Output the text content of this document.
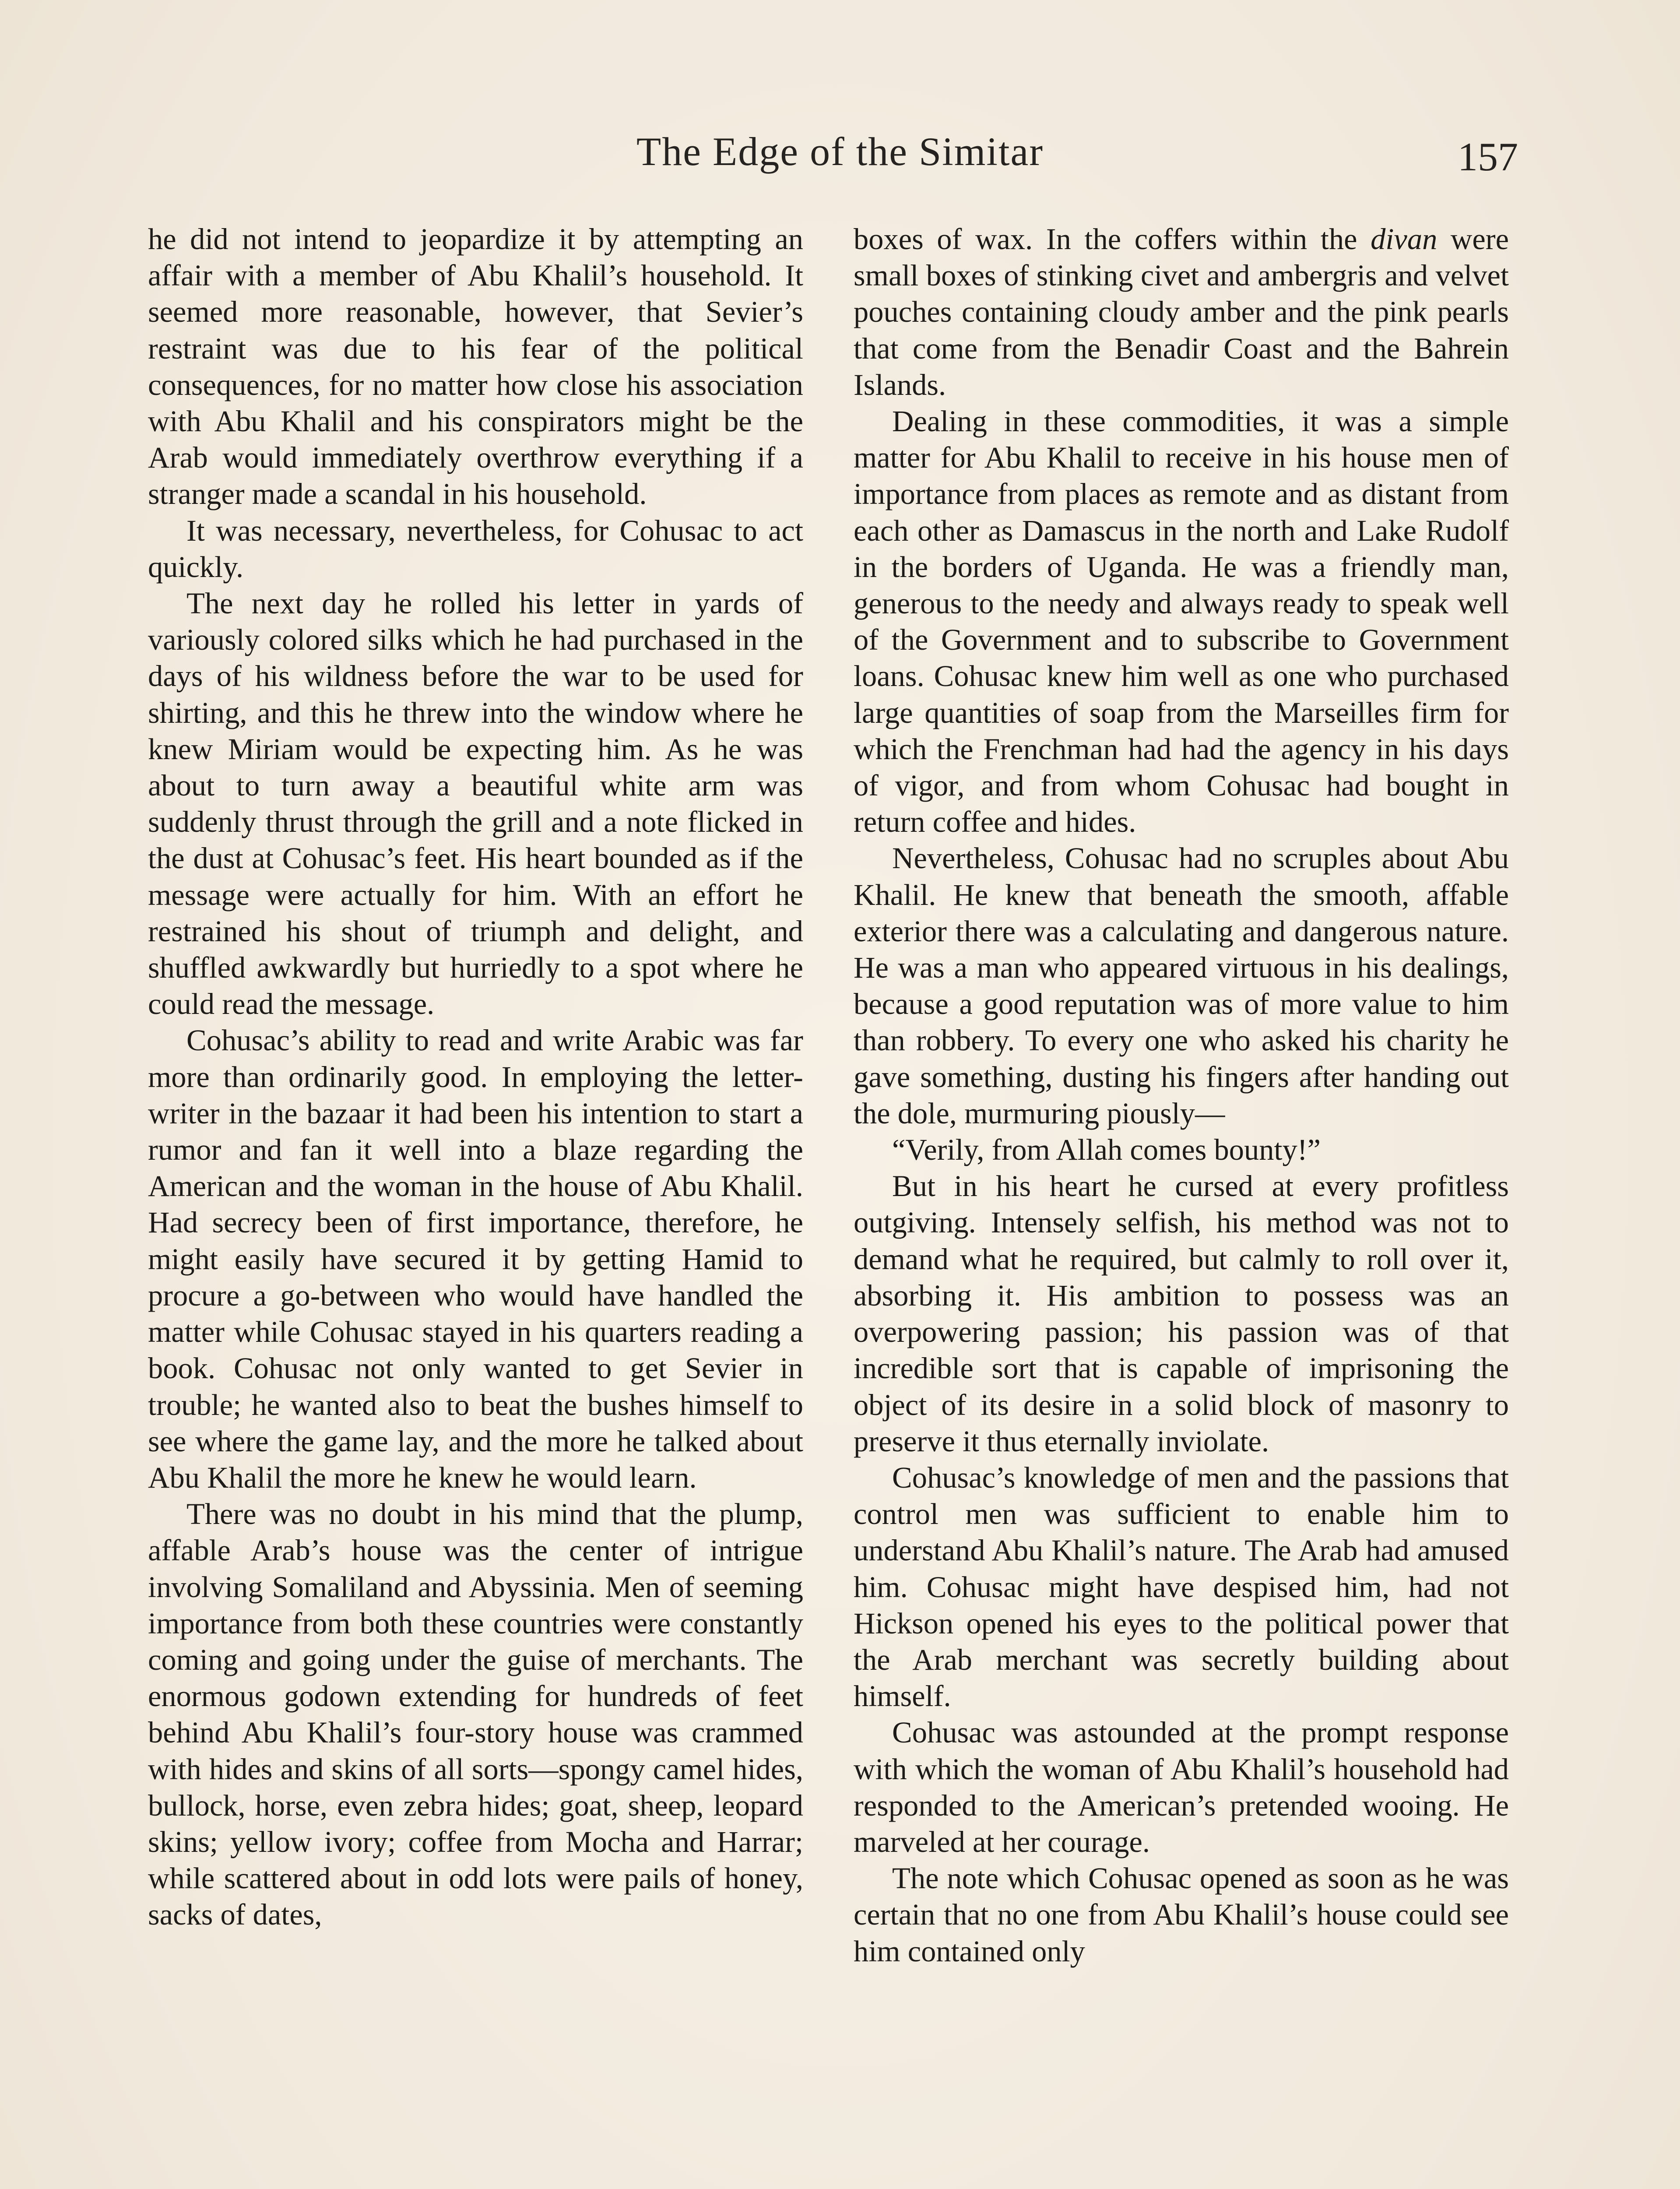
The Edge of the Simitar	157

he did not intend to jeopardize it by attempting an affair with a member of Abu Khalil’s household. It seemed more reasonable, however, that Sevier’s restraint was due to his fear of the political consequences, for no matter how close his association with Abu Khalil and his conspirators might be the Arab would immediately overthrow everything if a stranger made a scandal in his household.

It was necessary, nevertheless, for Cohusac to act quickly.

The next day he rolled his letter in yards of variously colored silks which he had purchased in the days of his wildness before the war to be used for shirting, and this he threw into the window where he knew Miriam would be expecting him. As he was about to turn away a beautiful white arm was suddenly thrust through the grill and a note flicked in the dust at Cohusac’s feet. His heart bounded as if the message were actually for him. With an effort he restrained his shout of triumph and delight, and shuffled awkwardly but hurriedly to a spot where he could read the message.

Cohusac’s ability to read and write Arabic was far more than ordinarily good. In employing the letter-writer in the bazaar it had been his intention to start a rumor and fan it well into a blaze regarding the American and the woman in the house of Abu Khalil. Had secrecy been of first importance, therefore, he might easily have secured it by getting Hamid to procure a go-between who would have handled the matter while Cohusac stayed in his quarters reading a book. Cohusac not only wanted to get Sevier in trouble; he wanted also to beat the bushes himself to see where the game lay, and the more he talked about Abu Khalil the more he knew he would learn.

There was no doubt in his mind that the plump, affable Arab’s house was the center of intrigue involving Somaliland and Abyssinia. Men of seeming importance from both these countries were constantly coming and going under the guise of merchants. The enormous godown extending for hundreds of feet behind Abu Khalil’s four-story house was crammed with hides and skins of all sorts—spongy camel hides, bullock, horse, even zebra hides; goat, sheep, leopard skins; yellow ivory; coffee from Mocha and Harrar; while scattered about in odd lots were pails of honey, sacks of dates,

boxes of wax. In the coffers within the divan were small boxes of stinking civet and ambergris and velvet pouches containing cloudy amber and the pink pearls that come from the Benadir Coast and the Bahrein Islands.

Dealing in these commodities, it was a simple matter for Abu Khalil to receive in his house men of importance from places as remote and as distant from each other as Damascus in the north and Lake Rudolf in the borders of Uganda. He was a friendly man, generous to the needy and always ready to speak well of the Government and to subscribe to Government loans. Cohusac knew him well as one who purchased large quantities of soap from the Marseilles firm for which the Frenchman had had the agency in his days of vigor, and from whom Cohusac had bought in return coffee and hides.

Nevertheless, Cohusac had no scruples about Abu Khalil. He knew that beneath the smooth, affable exterior there was a calculating and dangerous nature. He was a man who appeared virtuous in his dealings, because a good reputation was of more value to him than robbery. To every one who asked his charity he gave something, dusting his fingers after handing out the dole, murmuring piously—

“Verily, from Allah comes bounty!”

But in his heart he cursed at every profitless outgiving. Intensely selfish, his method was not to demand what he required, but calmly to roll over it, absorbing it. His ambition to possess was an overpowering passion; his passion was of that incredible sort that is capable of imprisoning the object of its desire in a solid block of masonry to preserve it thus eternally inviolate.

Cohusac’s knowledge of men and the passions that control men was sufficient to enable him to understand Abu Khalil’s nature. The Arab had amused him. Cohusac might have despised him, had not Hickson opened his eyes to the political power that the Arab merchant was secretly building about himself.

Cohusac was astounded at the prompt response with which the woman of Abu Khalil’s household had responded to the American’s pretended wooing. He marveled at her courage.

The note which Cohusac opened as soon as he was certain that no one from Abu Khalil’s house could see him contained only
